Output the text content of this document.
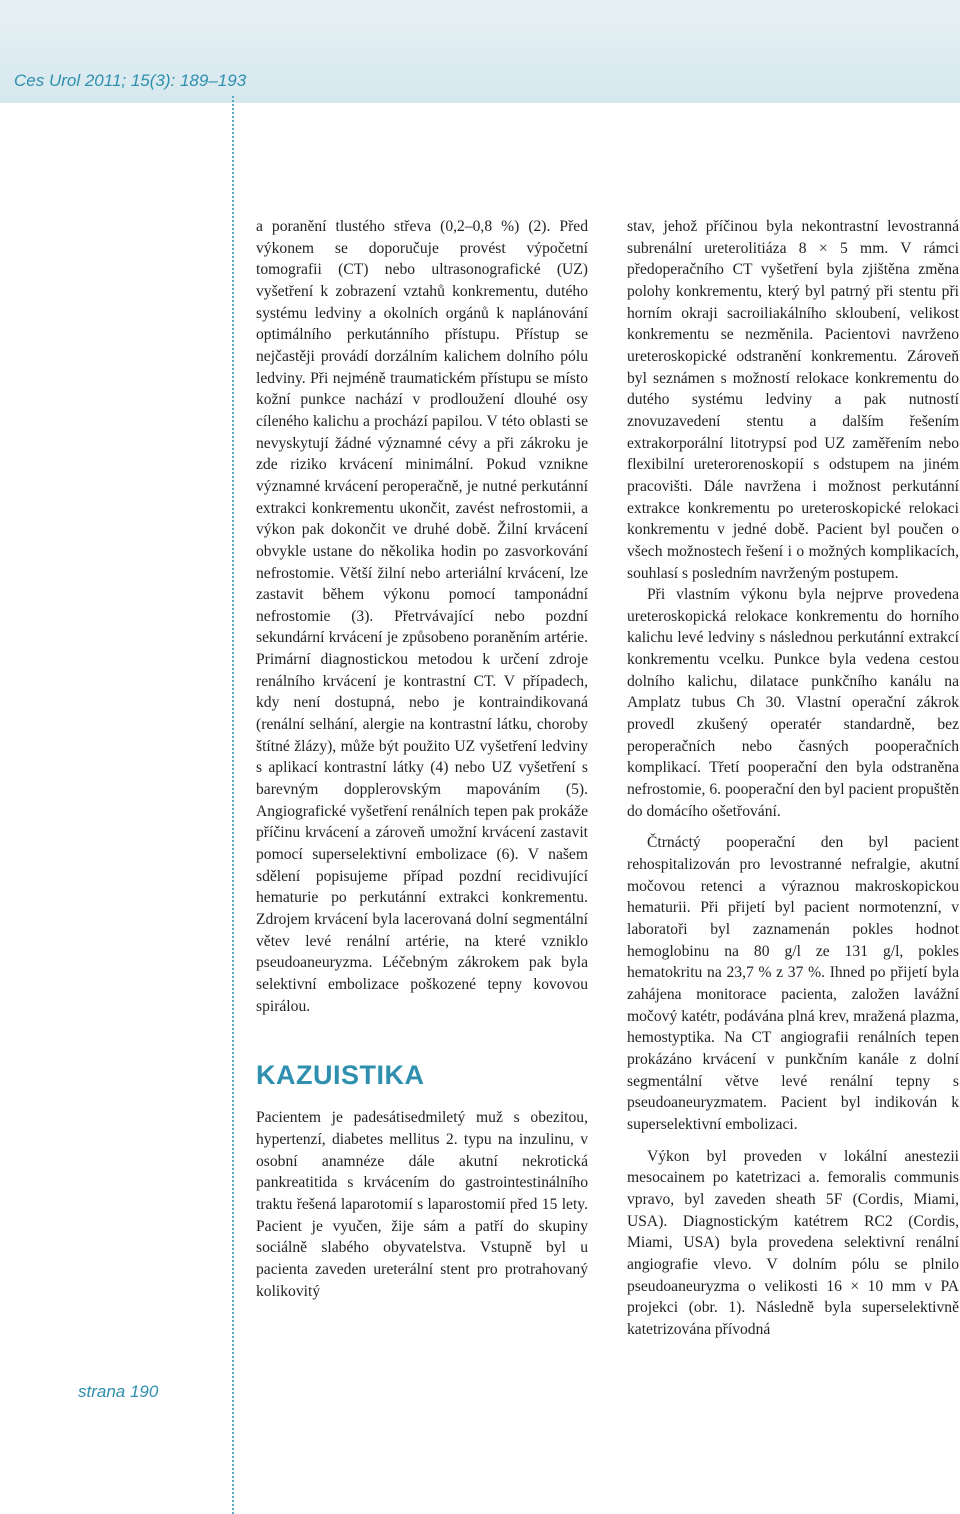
Ces Urol 2011; 15(3): 189–193
strana 190

a poranění tlustého střeva (0,2–0,8 %) (2). Před výkonem se doporučuje provést výpočetní tomografii (CT) nebo ultrasonografické (UZ) vyšetření k zobrazení vztahů konkrementu, dutého systému ledviny a okolních orgánů k naplánování optimálního perkutánního přístupu. Přístup se nejčastěji provádí dorzálním kalichem dolního pólu ledviny. Při nejméně traumatickém přístupu se místo kožní punkce nachází v prodloužení dlouhé osy cíleného kalichu a prochází papilou. V této oblasti se nevyskytují žádné významné cévy a při zákroku je zde riziko krvácení minimální. Pokud vznikne významné krvácení peroperačně, je nutné perkutánní extrakci konkrementu ukončit, zavést nefrostomii, a výkon pak dokončit ve druhé době. Žilní krvácení obvykle ustane do několika hodin po zasvorkování nefrostomie. Větší žilní nebo arteriální krvácení, lze zastavit během výkonu pomocí tamponádní nefrostomie (3). Přetrvávající nebo pozdní sekundární krvácení je způsobeno poraněním artérie. Primární diagnostickou metodou k určení zdroje renálního krvácení je kontrastní CT. V případech, kdy není dostupná, nebo je kontraindikovaná (renální selhání, alergie na kontrastní látku, choroby štítné žlázy), může být použito UZ vyšetření ledviny s aplikací kontrastní látky (4) nebo UZ vyšetření s barevným dopplerovským mapováním (5). Angiografické vyšetření renálních tepen pak prokáže příčinu krvácení a zároveň umožní krvácení zastavit pomocí superselektivní embolizace (6). V našem sdělení popisujeme případ pozdní recidivující hematurie po perkutánní extrakci konkrementu. Zdrojem krvácení byla lacerovaná dolní segmentální větev levé renální artérie, na které vzniklo pseudoaneuryzma. Léčebným zákrokem pak byla selektivní embolizace poškozené tepny kovovou spirálou.

KAZUISTIKA

Pacientem je padesátisedmiletý muž s obezitou, hypertenzí, diabetes mellitus 2. typu na inzulinu, v osobní anamnéze dále akutní nekrotická pankreatitida s krvácením do gastrointestinálního traktu řešená laparotomií s laparostomií před 15 lety. Pacient je vyučen, žije sám a patří do skupiny sociálně slabého obyvatelstva. Vstupně byl u pacienta zaveden ureterální stent pro protrahovaný kolikovitý

stav, jehož příčinou byla nekontrastní levostranná subrenální ureterolitiáza 8 × 5 mm. V rámci předoperačního CT vyšetření byla zjištěna změna polohy konkrementu, který byl patrný při stentu při horním okraji sacroiliakálního skloubení, velikost konkrementu se nezměnila. Pacientovi navrženo ureteroskopické odstranění konkrementu. Zároveň byl seznámen s možností relokace konkrementu do dutého systému ledviny a pak nutností znovuzavedení stentu a dalším řešením extrakorporální litotrypsí pod UZ zaměřením nebo flexibilní ureterorenoskopií s odstupem na jiném pracovišti. Dále navržena i možnost perkutánní extrakce konkrementu po ureteroskopické relokaci konkrementu v jedné době. Pacient byl poučen o všech možnostech řešení i o možných komplikacích, souhlasí s posledním navrženým postupem.

Při vlastním výkonu byla nejprve provedena ureteroskopická relokace konkrementu do horního kalichu levé ledviny s následnou perkutánní extrakcí konkrementu vcelku. Punkce byla vedena cestou dolního kalichu, dilatace punkčního kanálu na Amplatz tubus Ch 30. Vlastní operační zákrok provedl zkušený operatér standardně, bez peroperačních nebo časných pooperačních komplikací. Třetí pooperační den byla odstraněna nefrostomie, 6. pooperační den byl pacient propuštěn do domácího ošetřování.

Čtrnáctý pooperační den byl pacient rehospitalizován pro levostranné nefralgie, akutní močovou retenci a výraznou makroskopickou hematurii. Při přijetí byl pacient normotenzní, v laboratoři byl zaznamenán pokles hodnot hemoglobinu na 80 g/l ze 131 g/l, pokles hematokritu na 23,7 % z 37 %. Ihned po přijetí byla zahájena monitorace pacienta, založen lavážní močový katétr, podávána plná krev, mražená plazma, hemostyptika. Na CT angiografii renálních tepen prokázáno krvácení v punkčním kanále z dolní segmentální větve levé renální tepny s pseudoaneuryzmatem. Pacient byl indikován k superselektivní embolizaci.

Výkon byl proveden v lokální anestezii mesocainem po katetrizaci a. femoralis communis vpravo, byl zaveden sheath 5F (Cordis, Miami, USA). Diagnostickým katétrem RC2 (Cordis, Miami, USA) byla provedena selektivní renální angiografie vlevo. V dolním pólu se plnilo pseudoaneuryzma o velikosti 16 × 10 mm v PA projekci (obr. 1). Následně byla superselektivně katetrizována přívodná
